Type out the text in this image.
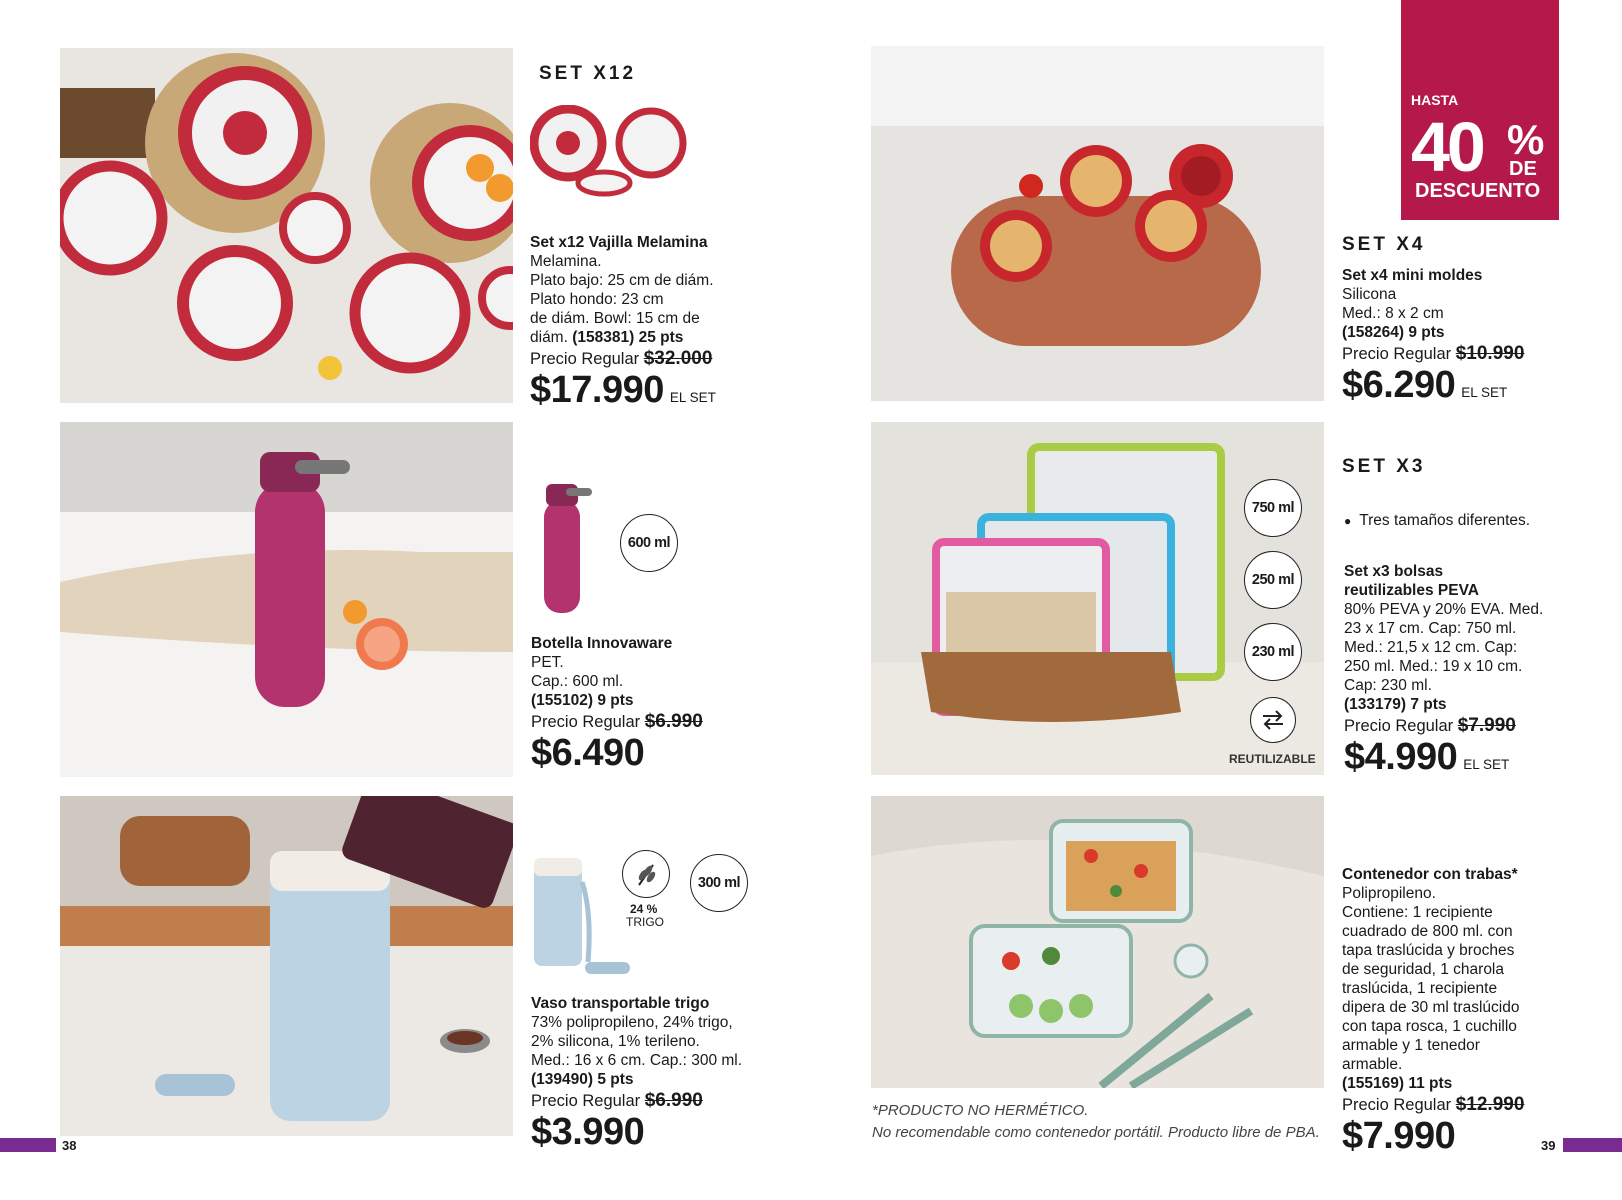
SET X12
Set x12 Vajilla Melamina
Melamina.
Plato bajo: 25 cm de diám.
Plato hondo: 23 cm
de diám. Bowl: 15 cm de
diám. (158381) 25 pts
Precio Regular $32.000
$17.990 EL SET
600 ml
Botella Innovaware
PET.
Cap.: 600 ml.
(155102) 9 pts
Precio Regular $6.990
$6.490
24 %
TRIGO
300 ml
Vaso transportable trigo
73% polipropileno, 24% trigo,
2% silicona, 1% terileno.
Med.: 16 x 6 cm. Cap.: 300 ml.
(139490) 5 pts
Precio Regular $6.990
$3.990
38
HASTA
40 %
DE
DESCUENTO
SET X4
Set x4 mini moldes
Silicona
Med.: 8 x 2 cm
(158264) 9 pts
Precio Regular $10.990
$6.290 EL SET
750 ml
250 ml
230 ml
REUTILIZABLE
SET X3
● Tres tamaños diferentes.
Set x3 bolsas
reutilizables PEVA
80% PEVA y 20% EVA. Med.
23 x 17 cm. Cap: 750 ml.
Med.: 21,5 x 12 cm. Cap:
250 ml. Med.: 19 x 10 cm.
Cap: 230 ml.
(133179) 7 pts
Precio Regular $7.990
$4.990 EL SET
*PRODUCTO NO HERMÉTICO.
No recomendable como contenedor portátil. Producto libre de PBA.
Contenedor con trabas*
Polipropileno.
Contiene: 1 recipiente
cuadrado de 800 ml. con
tapa traslúcida y broches
de seguridad, 1 charola
traslúcida, 1 recipiente
dipera de 30 ml traslúcido
con tapa rosca, 1 cuchillo
armable y 1 tenedor
armable.
(155169) 11 pts
Precio Regular $12.990
$7.990	39
